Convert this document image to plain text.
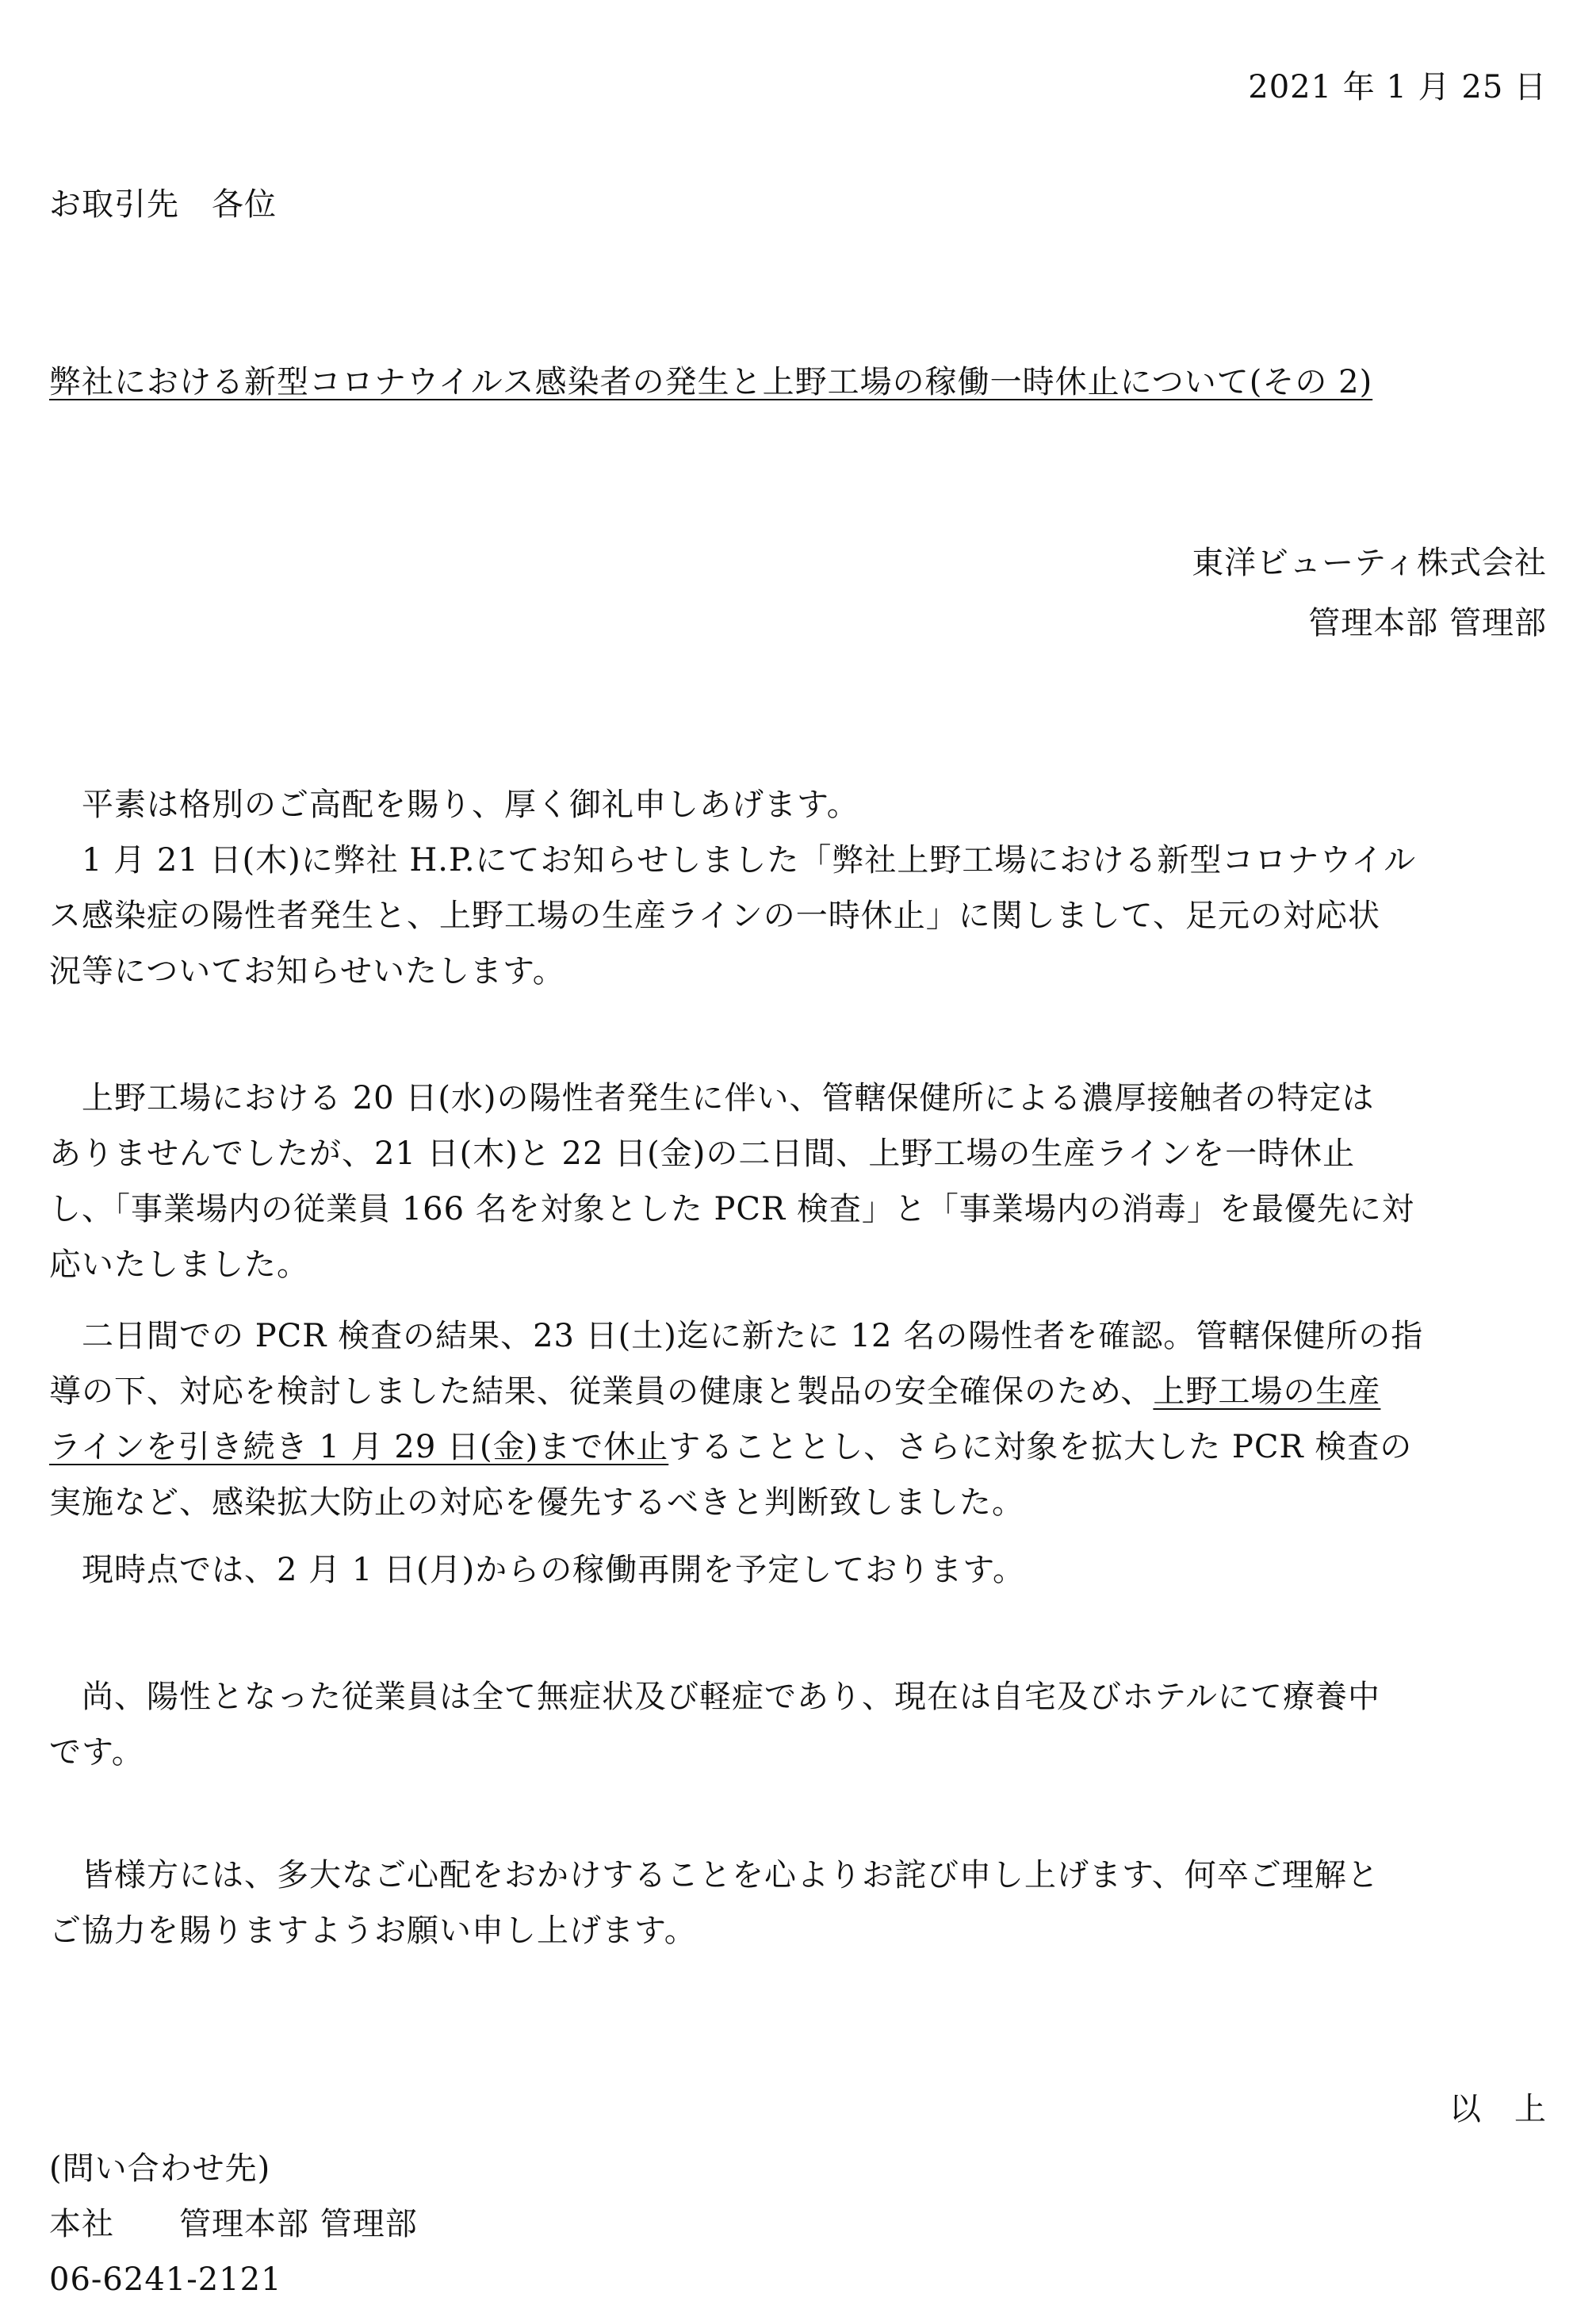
2021 年 1 月 25 日
お取引先　各位
弊社における新型コロナウイルス感染者の発生と上野工場の稼働一時休止について(その 2)
東洋ビューティ株式会社
管理本部 管理部
　平素は格別のご高配を賜り、厚く御礼申しあげます。
　1 月 21 日(木)に弊社 H.P.にてお知らせしました「弊社上野工場における新型コロナウイル
ス感染症の陽性者発生と、上野工場の生産ラインの一時休止」に関しまして、足元の対応状
況等についてお知らせいたします。
　上野工場における 20 日(水)の陽性者発生に伴い、管轄保健所による濃厚接触者の特定は
ありませんでしたが、21 日(木)と 22 日(金)の二日間、上野工場の生産ラインを一時休止
し、「事業場内の従業員 166 名を対象とした PCR 検査」と「事業場内の消毒」を最優先に対
応いたしました。
　二日間での PCR 検査の結果、23 日(土)迄に新たに 12 名の陽性者を確認。管轄保健所の指
導の下、対応を検討しました結果、従業員の健康と製品の安全確保のため、上野工場の生産
ラインを引き続き 1 月 29 日(金)まで休止することとし、さらに対象を拡大した PCR 検査の
実施など、感染拡大防止の対応を優先するべきと判断致しました。
　現時点では、2 月 1 日(月)からの稼働再開を予定しております。
　尚、陽性となった従業員は全て無症状及び軽症であり、現在は自宅及びホテルにて療養中
です。
　皆様方には、多大なご心配をおかけすることを心よりお詫び申し上げます、何卒ご理解と
ご協力を賜りますようお願い申し上げます。
以　上
(問い合わせ先)
本社　　管理本部 管理部
06-6241-2121
